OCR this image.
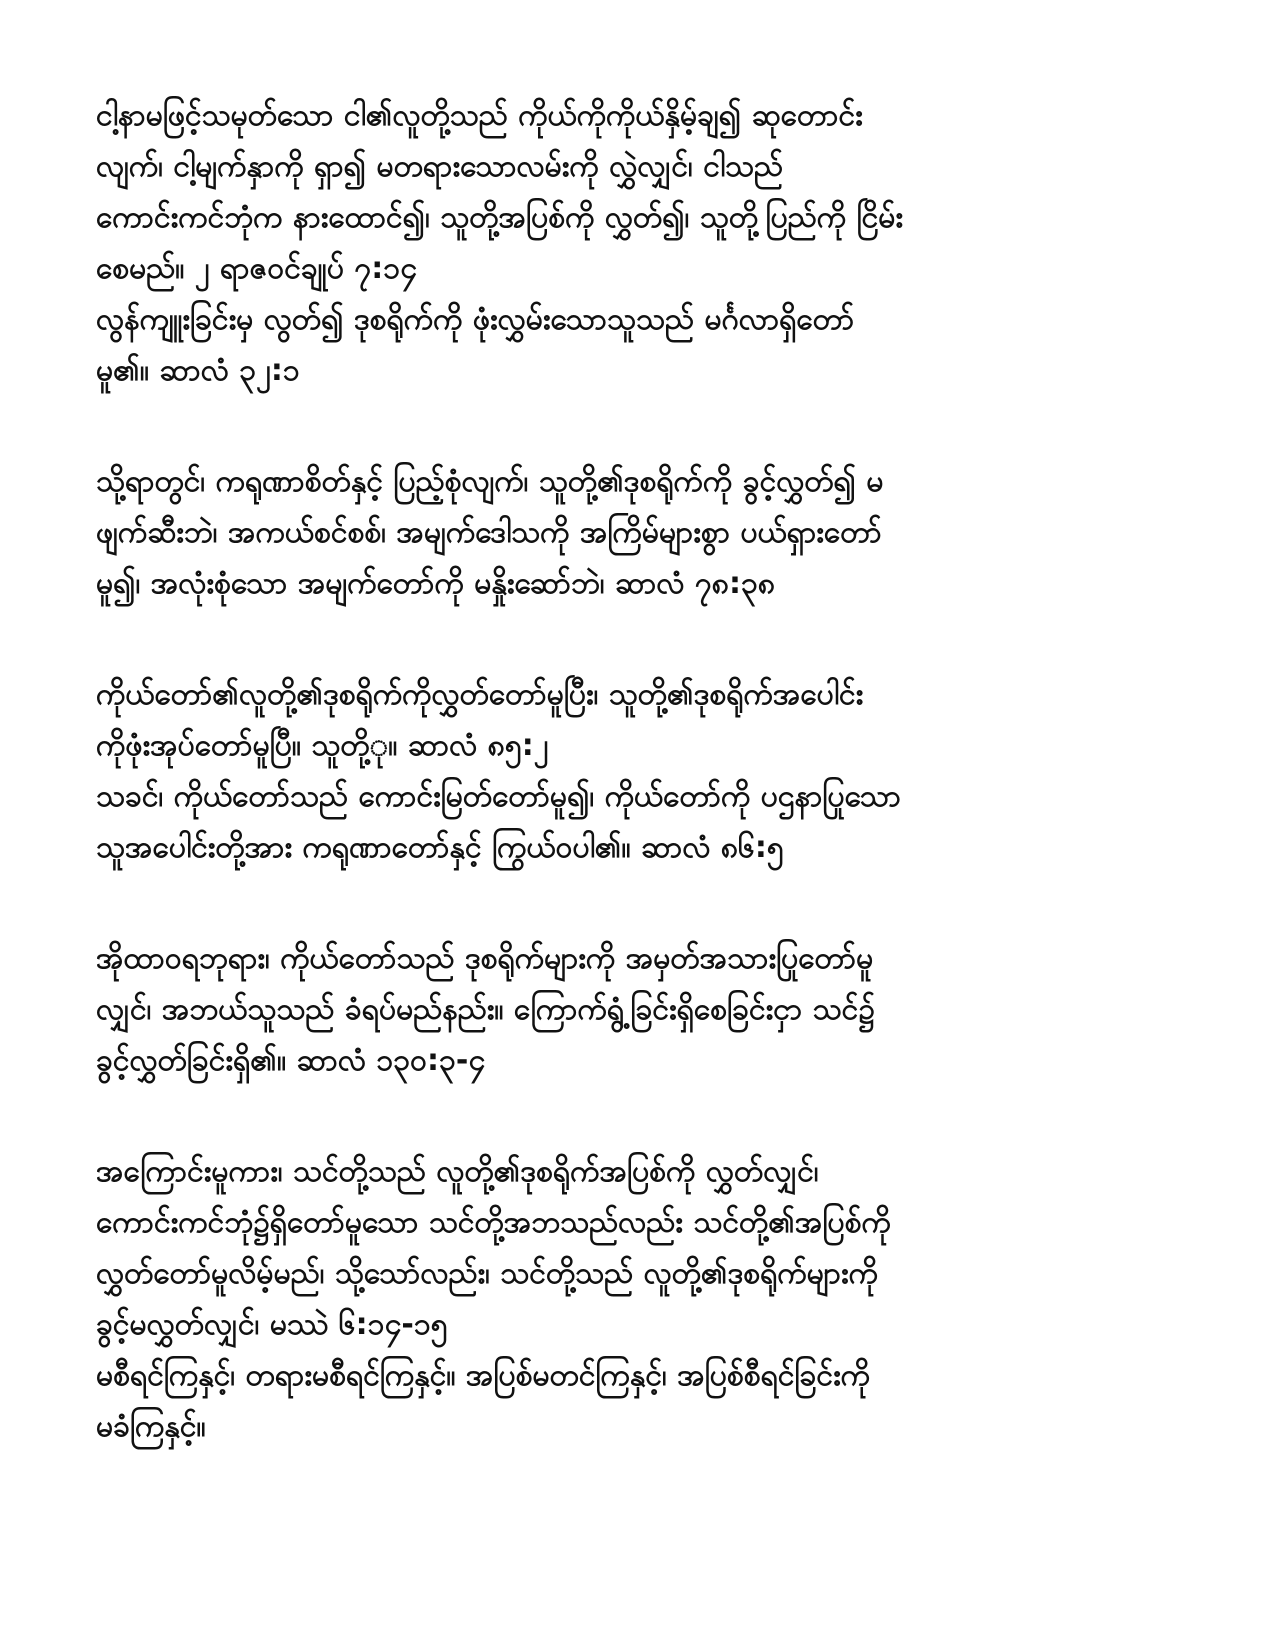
ငါ့နာမဖြင့်သမုတ်သော ငါ၏လူတို့သည် ကိုယ်ကိုကိုယ်နှိမ့်ချ၍ ဆုတောင်း
လျက်၊ ငါ့မျက်နှာကို ရှာ၍ မတရားသောလမ်းကို လွှဲလျှင်၊ ငါသည်
ကောင်းကင်ဘုံက နားထောင်၍၊ သူတို့အပြစ်ကို လွှတ်၍၊ သူတို့ပြည်ကို ငြိမ်း
စေမည်။ ၂ ရာဇဝင်ချုပ် ၇:၁၄
လွန်ကျူးခြင်းမှ လွတ်၍ ဒုစရိုက်ကို ဖုံးလွှမ်းသောသူသည် မင်္ဂလာရှိတော်
မူ၏။ ဆာလံ ၃၂:၁
သို့ရာတွင်၊ ကရုဏာစိတ်နှင့် ပြည့်စုံလျက်၊ သူတို့၏ဒုစရိုက်ကို ခွင့်လွှတ်၍ မ
ဖျက်ဆီးဘဲ၊ အကယ်စင်စစ်၊ အမျက်ဒေါသကို အကြိမ်များစွာ ပယ်ရှားတော်
မူ၍၊ အလုံးစုံသော အမျက်တော်ကို မနှိုးဆော်ဘဲ၊ ဆာလံ ၇၈:၃၈
ကိုယ်တော်၏လူတို့၏ဒုစရိုက်ကိုလွှတ်တော်မူပြီး၊ သူတို့၏ဒုစရိုက်အပေါင်း
ကိုဖုံးအုပ်တော်မူပြီ။ သူတို့ု။ ဆာလံ ၈၅:၂
သခင်၊ ကိုယ်တော်သည် ကောင်းမြတ်တော်မူ၍၊ ကိုယ်တော်ကို ပဌနာပြုသော
သူအပေါင်းတို့အား ကရုဏာတော်နှင့် ကြွယ်ဝပါ၏။ ဆာလံ ၈၆:၅
အိုထာဝရဘုရား၊ ကိုယ်တော်သည် ဒုစရိုက်များကို အမှတ်အသားပြုတော်မူ
လျှင်၊ အဘယ်သူသည် ခံရပ်မည်နည်း။ ကြောက်ရွံ့ခြင်းရှိစေခြင်းငှာ သင်၌
ခွင့်လွှတ်ခြင်းရှိ၏။ ဆာလံ ၁၃၀:၃-၄
အကြောင်းမူကား၊ သင်တို့သည် လူတို့၏ဒုစရိုက်အပြစ်ကို လွှတ်လျှင်၊
ကောင်းကင်ဘုံ၌ရှိတော်မူသော သင်တို့အဘသည်လည်း သင်တို့၏အပြစ်ကို
လွှတ်တော်မူလိမ့်မည်၊ သို့သော်လည်း၊ သင်တို့သည် လူတို့၏ဒုစရိုက်များကို
ခွင့်မလွှတ်လျှင်၊ မဿဲ ၆:၁၄-၁၅
မစီရင်ကြနှင့်၊ တရားမစီရင်ကြနှင့်။ အပြစ်မတင်ကြနှင့်၊ အပြစ်စီရင်ခြင်းကို
မခံကြနှင့်။
